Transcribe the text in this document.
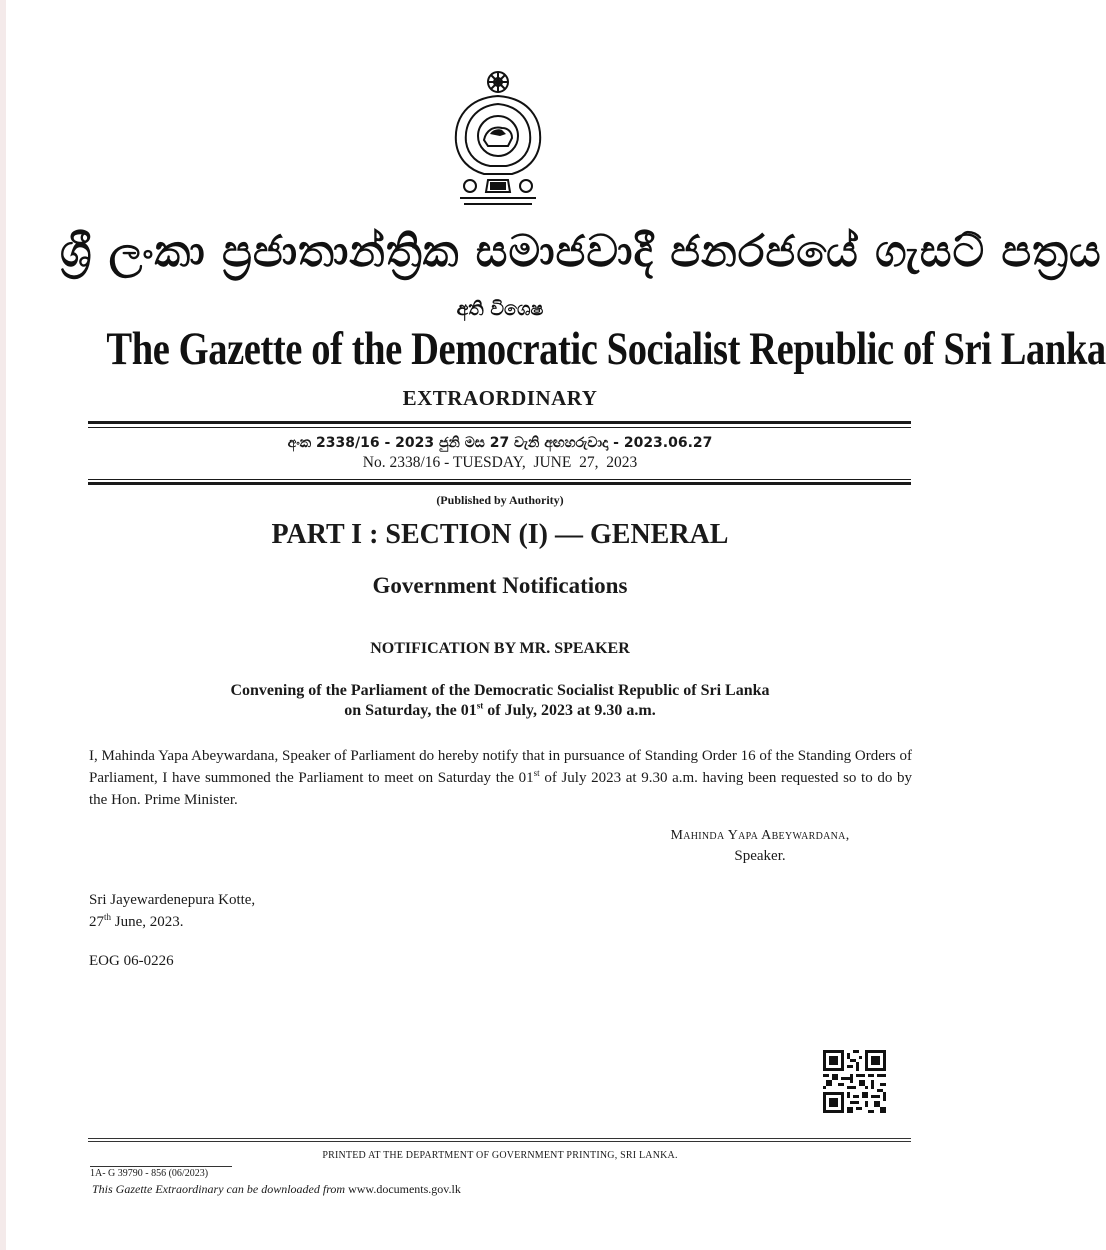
ශ්‍රී ලංකා ප්‍රජාතාන්ත්‍රික සමාජවාදී ජනරජයේ ගැසට් පත්‍රය
අති විශෙෂ
The Gazette of the Democratic Socialist Republic of Sri Lanka
EXTRAORDINARY
අංක 2338/16 - 2023 ජුනි මස 27 වැනි අඟහරුවාදා - 2023.06.27
No. 2338/16 - TUESDAY,  JUNE  27,  2023
(Published by Authority)
PART I : SECTION (I) — GENERAL
Government Notifications
NOTIFICATION BY MR. SPEAKER
Convening of the Parliament of the Democratic Socialist Republic of Sri Lanka
on Saturday, the 01st of July, 2023 at 9.30 a.m.
I, Mahinda Yapa Abeywardana, Speaker of Parliament do hereby notify that in pursuance of Standing Order 16 of the Standing Orders of Parliament, I have summoned the Parliament to meet on Saturday the 01st of July 2023 at 9.30 a.m. having been requested so to do by the Hon. Prime Minister.
Mahinda Yapa Abeywardana,
Speaker.
Sri Jayewardenepura Kotte,
27th June, 2023.
EOG 06-0226
PRINTED AT THE DEPARTMENT OF GOVERNMENT PRINTING, SRI LANKA.
1A- G 39790 - 856 (06/2023)
This Gazette Extraordinary can be downloaded from www.documents.gov.lk
